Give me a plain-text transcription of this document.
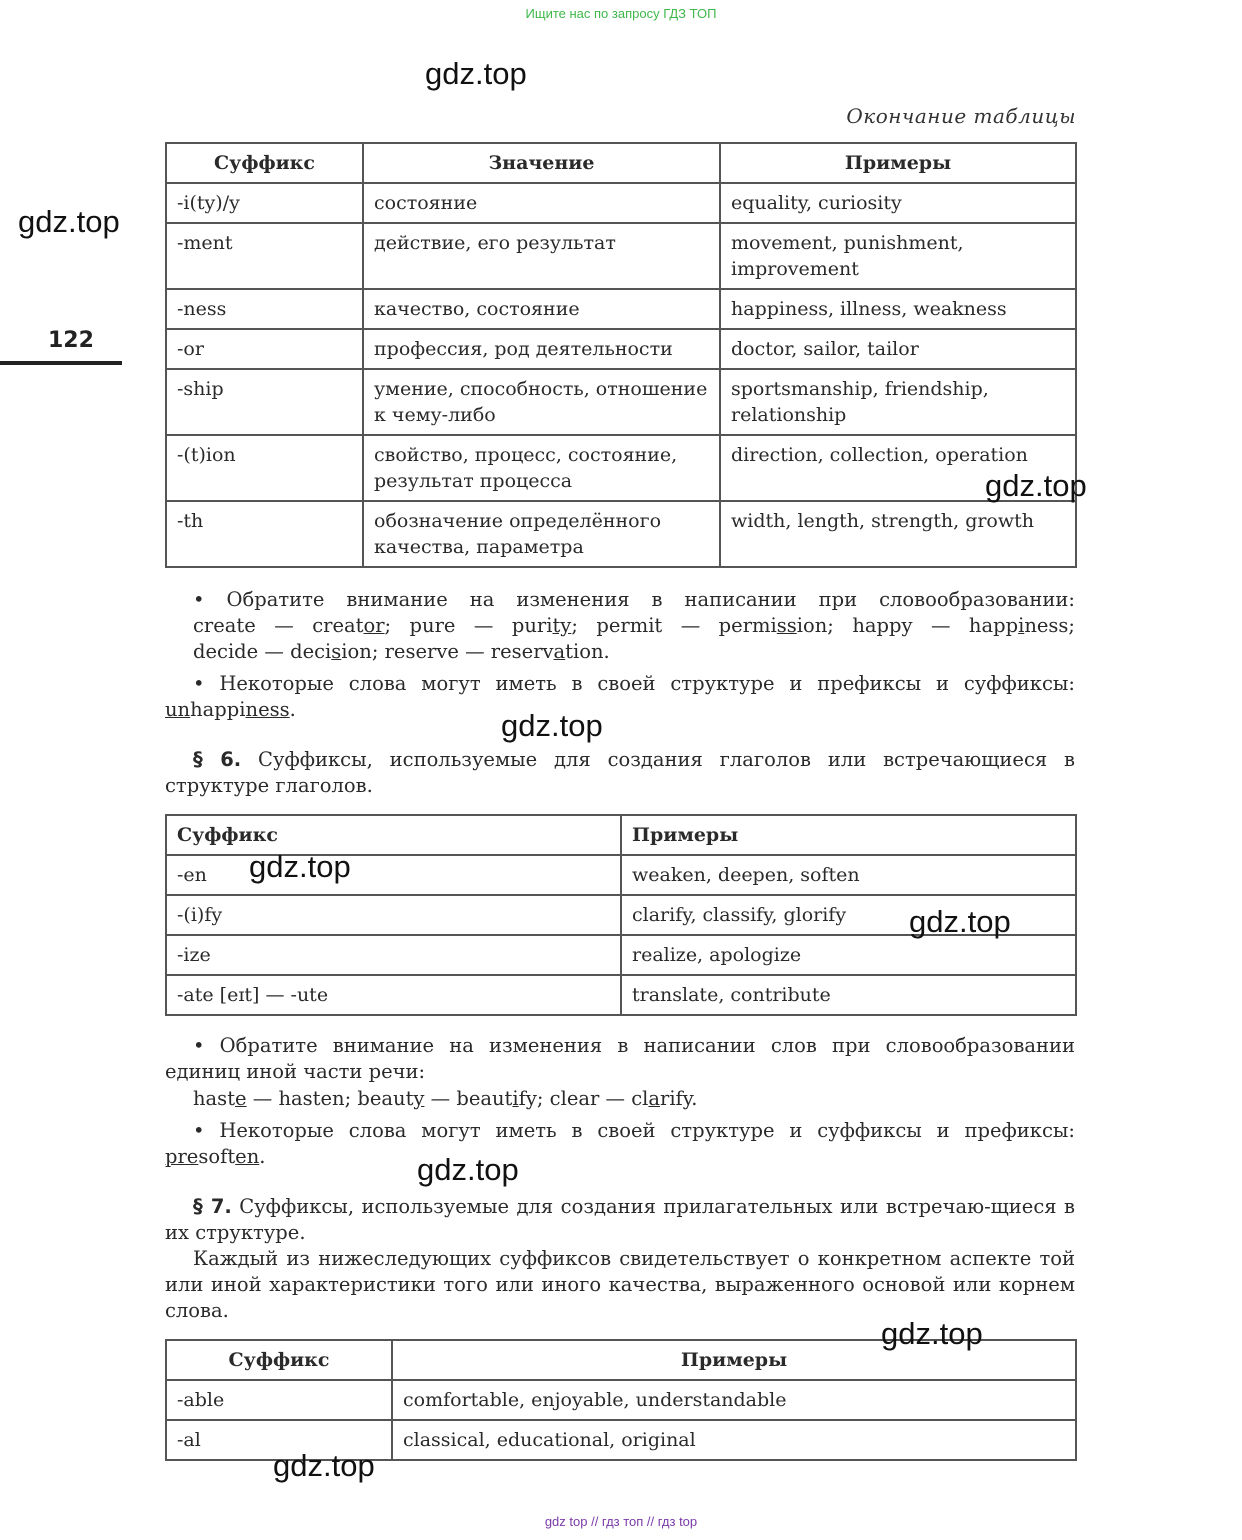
Ищите нас по запросу ГДЗ ТОП
Окончание таблицы
122
Суффикс	Значение	Примеры
-i(ty)/y	состояние	equality, curiosity
-ment	действие, его результат	movement, punishment, improvement
-ness	качество, состояние	happiness, illness, weakness
-or	профессия, род деятельности	doctor, sailor, tailor
-ship	умение, способность, отношение к чему-либо	sportsmanship, friendship, relationship
-(t)ion	свойство, процесс, состояние, результат процесса	direction, collection, operation
-th	обозначение определённого качества, параметра	width, length, strength, growth
• Обратите внимание на изменения в написании при словообразовании:
create — creator; pure — purity; permit — permission; happy — happiness;
decide — decision; reserve — reservation.
• Некоторые слова могут иметь в своей структуре и префиксы и суффиксы:
unhappiness.
§ 6. Суффиксы, используемые для создания глаголов или встречающиеся в структуре глаголов.
Суффикс	Примеры
-en	weaken, deepen, soften
-(i)fy	clarify, classify, glorify
-ize	realize, apologize
-ate [eɪt] — -ute	translate, contribute
• Обратите внимание на изменения в написании слов при словообразовании единиц иной части речи:
haste — hasten; beauty — beautify; clear — clarify.
• Некоторые слова могут иметь в своей структуре и суффиксы и префиксы:
presoften.
§ 7. Суффиксы, используемые для создания прилагательных или встречаю-щиеся в их структуре.
Каждый из нижеследующих суффиксов свидетельствует о конкретном аспекте той или иной характеристики того или иного качества, выраженного основой или корнем слова.
Суффикс	Примеры
-able	comfortable, enjoyable, understandable
-al	classical, educational, original
gdz.top
gdz.top
gdz.top
gdz.top
gdz.top
gdz.top
gdz.top
gdz.top
gdz.top
gdz top // гдз топ // гдз top
